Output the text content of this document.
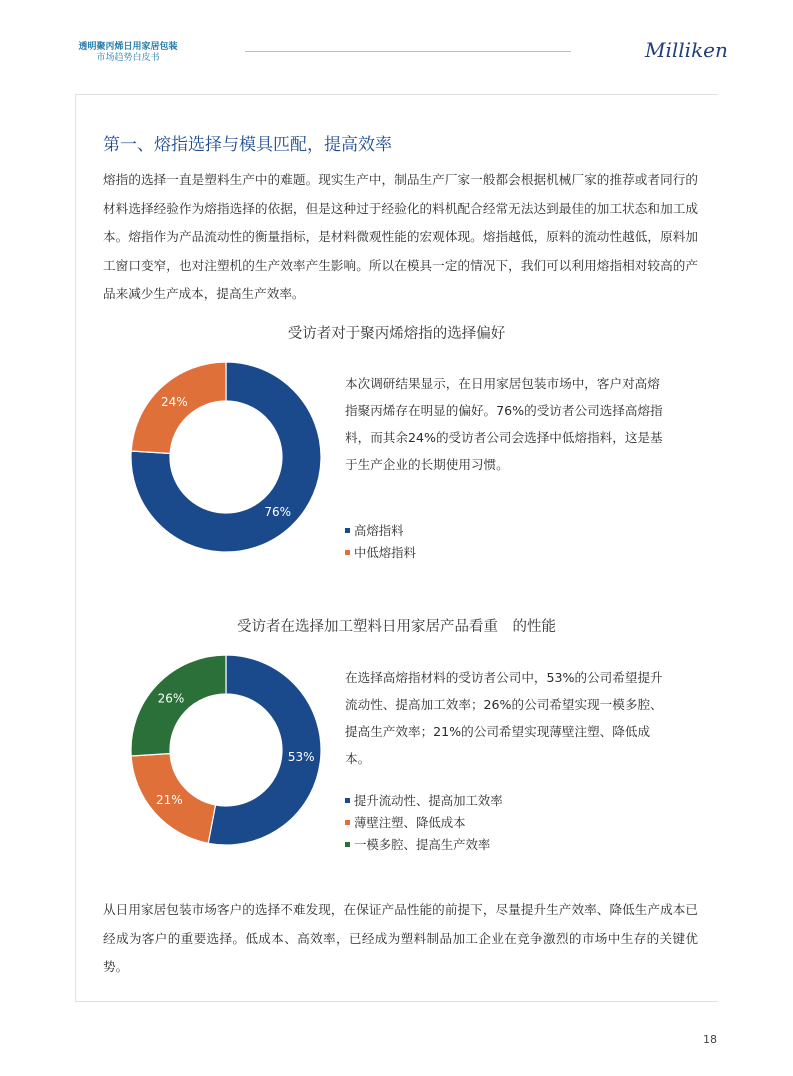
透明聚丙烯日用家居包装
市场趋势白皮书	Milliken
第一、熔指选择与模具匹配，提高效率
熔指的选择一直是塑料生产中的难题。现实生产中，制品生产厂家一般都会根据机械厂家的推荐或者同行的材料选择经验作为熔指选择的依据，但是这种过于经验化的料机配合经常无法达到最佳的加工状态和加工成本。熔指作为产品流动性的衡量指标，是材料微观性能的宏观体现。熔指越低，原料的流动性越低，原料加工窗口变窄，也对注塑机的生产效率产生影响。所以在模具一定的情况下，我们可以利用熔指相对较高的产品来减少生产成本，提高生产效率。
受访者对于聚丙烯熔指的选择偏好
76%
24%
本次调研结果显示，在日用家居包装市场中，客户对高熔指聚丙烯存在明显的偏好。76%的受访者公司选择高熔指料，而其余24%的受访者公司会选择中低熔指料，这是基于生产企业的长期使用习惯。
高熔指料
中低熔指料
受访者在选择加工塑料日用家居产品看重　的性能
53%
21%
26%
在选择高熔指材料的受访者公司中，53%的公司希望提升流动性、提高加工效率；26%的公司希望实现一模多腔、提高生产效率；21%的公司希望实现薄壁注塑、降低成本。
提升流动性、提高加工效率
薄壁注塑、降低成本
一模多腔、提高生产效率
从日用家居包装市场客户的选择不难发现，在保证产品性能的前提下，尽量提升生产效率、降低生产成本已经成为客户的重要选择。低成本、高效率，已经成为塑料制品加工企业在竞争激烈的市场中生存的关键优势。
18
